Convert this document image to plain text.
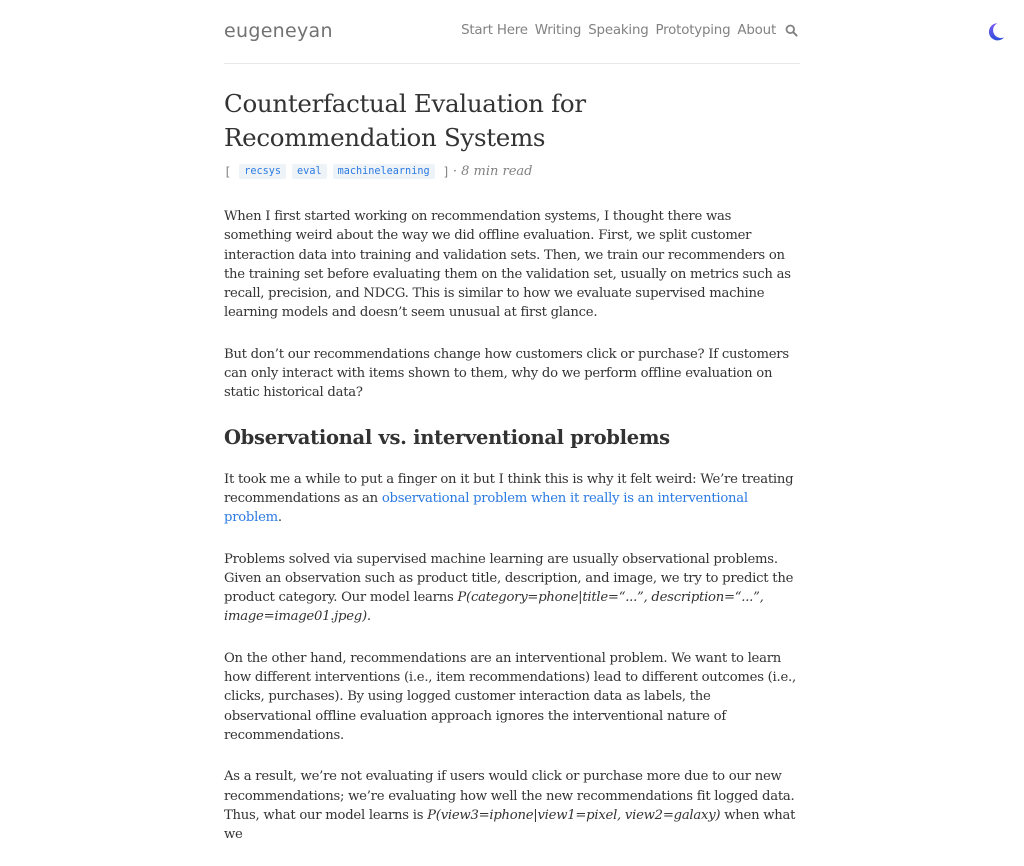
eugeneyan	Start Here Writing Speaking Prototyping About
Counterfactual Evaluation for Recommendation Systems
[	recsys	eval	machinelearning	] · 8 min read

When I first started working on recommendation systems, I thought there was something weird about the way we did offline evaluation. First, we split customer interaction data into training and validation sets. Then, we train our recommenders on the training set before evaluating them on the validation set, usually on metrics such as recall, precision, and NDCG. This is similar to how we evaluate supervised machine learning models and doesn’t seem unusual at first glance.

But don’t our recommendations change how customers click or purchase? If customers can only interact with items shown to them, why do we perform offline evaluation on static historical data?

Observational vs. interventional problems

It took me a while to put a finger on it but I think this is why it felt weird: We’re treating recommendations as an observational problem when it really is an interventional problem.

Problems solved via supervised machine learning are usually observational problems. Given an observation such as product title, description, and image, we try to predict the product category. Our model learns P(category=phone|title=“...”, description=“...”, image=image01.jpeg).

On the other hand, recommendations are an interventional problem. We want to learn how different interventions (i.e., item recommendations) lead to different outcomes (i.e., clicks, purchases). By using logged customer interaction data as labels, the observational offline evaluation approach ignores the interventional nature of recommendations.

As a result, we’re not evaluating if users would click or purchase more due to our new recommendations; we’re evaluating how well the new recommendations fit logged data. Thus, what our model learns is P(view3=iphone|view1=pixel, view2=galaxy) when what we
